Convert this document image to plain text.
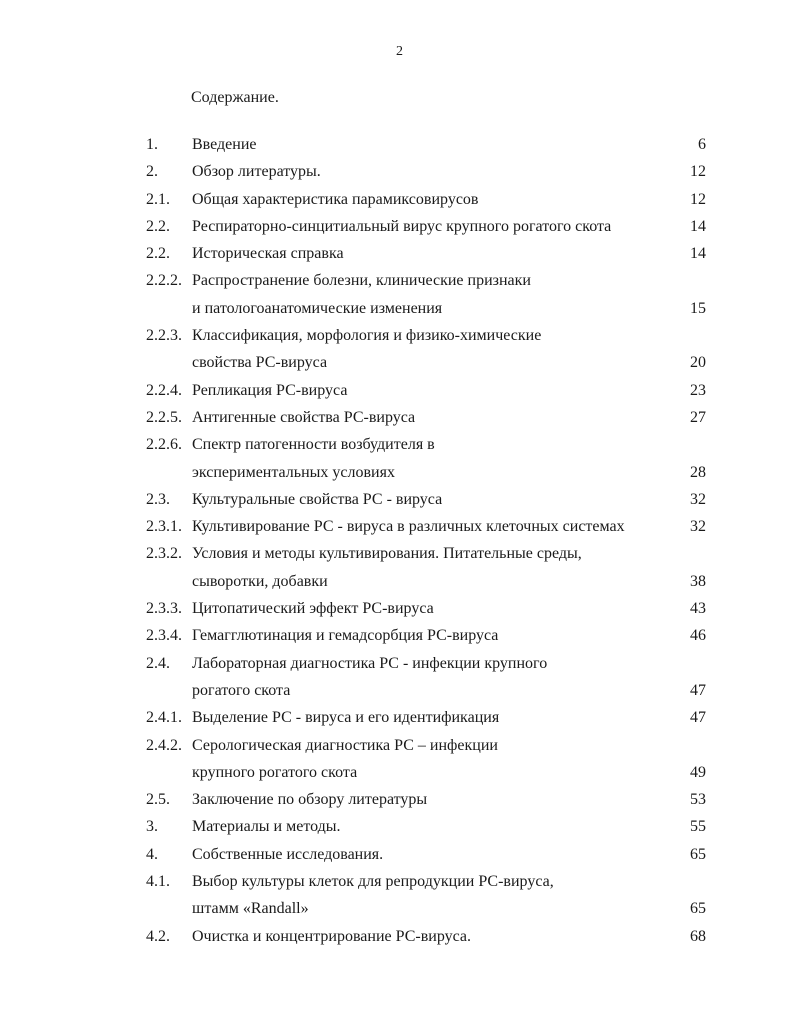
2
Содержание.
1. Введение	6
2. Обзор литературы.	12
2.1. Общая характеристика парамиксовирусов	12
2.2. Респираторно-синцитиальный вирус крупного рогатого скота	14
2.2. Историческая справка	14
2.2.2. Распространение болезни, клинические признаки
и патологоанатомические изменения	15
2.2.3. Классификация, морфология и физико-химические
свойства РС-вируса	20
2.2.4. Репликация РС-вируса	23
2.2.5. Антигенные свойства РС-вируса	27
2.2.6. Спектр патогенности возбудителя в
экспериментальных условиях	28
2.3. Культуральные свойства РС - вируса	32
2.3.1. Культивирование РС - вируса в различных клеточных системах	32
2.3.2. Условия и методы культивирования. Питательные среды,
сыворотки, добавки	38
2.3.3. Цитопатический эффект РС-вируса	43
2.3.4. Гемагглютинация и гемадсорбция РС-вируса	46
2.4. Лабораторная диагностика РС - инфекции крупного
рогатого скота	47
2.4.1. Выделение РС - вируса и его идентификация	47
2.4.2. Серологическая диагностика РС – инфекции
крупного рогатого скота	49
2.5. Заключение по обзору литературы	53
3. Материалы и методы.	55
4. Собственные исследования.	65
4.1. Выбор культуры клеток для репродукции РС-вируса,
штамм «Randall»	65
4.2. Очистка и концентрирование РС-вируса.	68
